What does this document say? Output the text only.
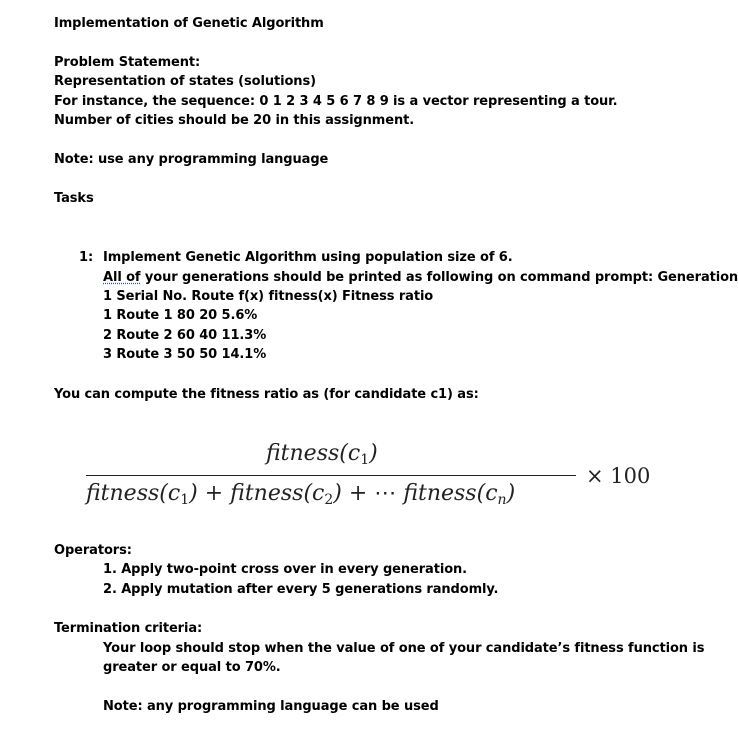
Implementation of Genetic Algorithm
Problem Statement:
Representation of states (solutions)
For instance, the sequence: 0 1 2 3 4 5 6 7 8 9 is a vector representing a tour.
Number of cities should be 20 in this assignment.
Note: use any programming language
Tasks
1: Implement Genetic Algorithm using population size of 6.
All of your generations should be printed as following on command prompt: Generation
1 Serial No. Route f(x) fitness(x) Fitness ratio
1 Route 1 80 20 5.6%
2 Route 2 60 40 11.3%
3 Route 3 50 50 14.1%
You can compute the fitness ratio as (for candidate c1) as:
$fitness(c_1)$
$fitness(c_1)$ + $fitness(c_2)$ + ⋯ $fitness(c_n)$
× 100
Operators:
1. Apply two-point cross over in every generation.
2. Apply mutation after every 5 generations randomly.
Termination criteria:
Your loop should stop when the value of one of your candidate’s fitness function is
greater or equal to 70%.
Note: any programming language can be used
